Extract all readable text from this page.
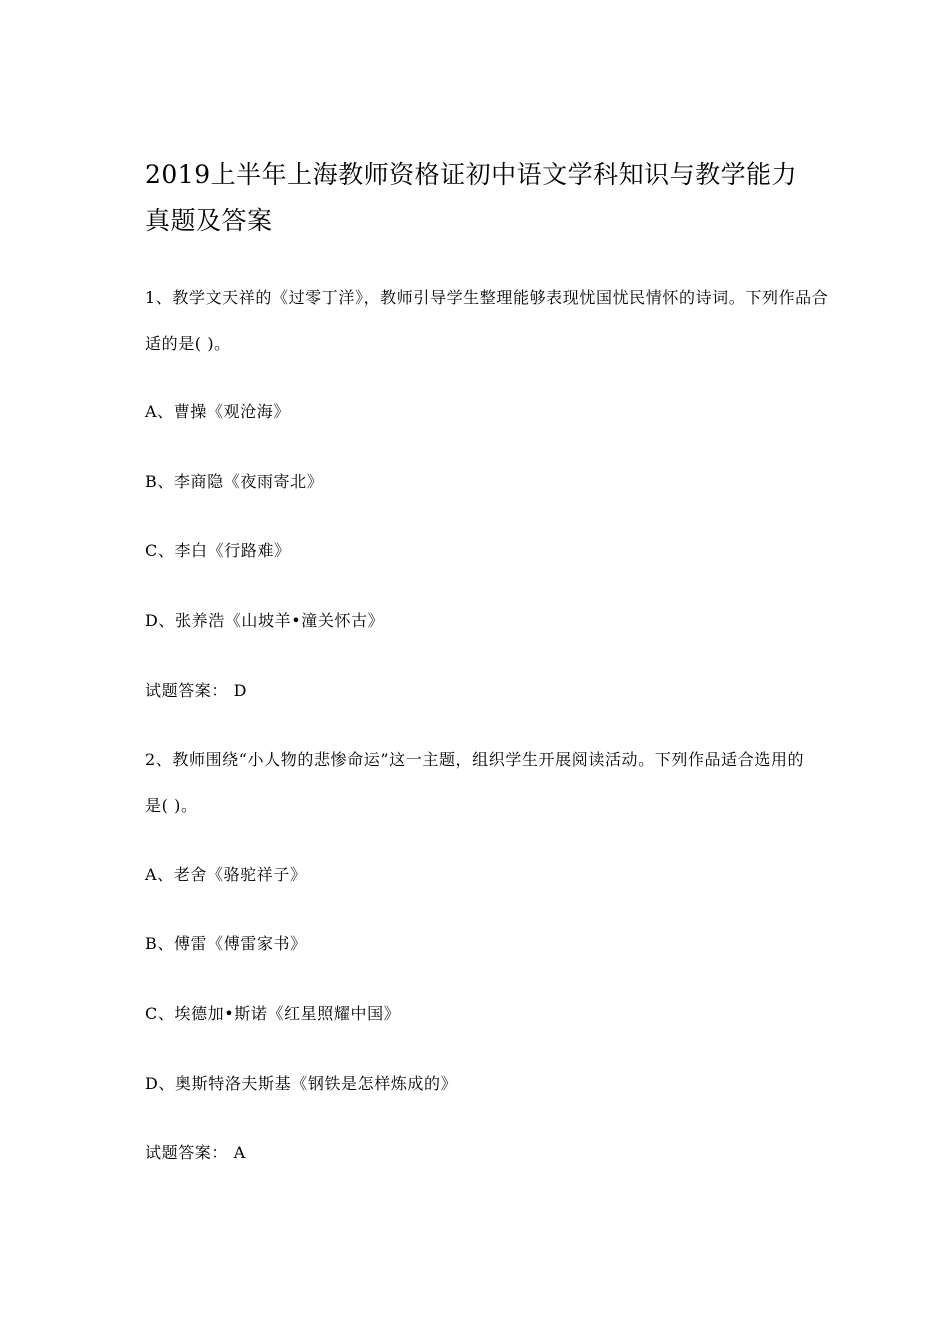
2019上半年上海教师资格证初中语文学科知识与教学能力
真题及答案
1、教学文天祥的《过零丁洋》，教师引导学生整理能够表现忧国忧民情怀的诗词。下列作品合
适的是( )。
A、曹操《观沧海》
B、李商隐《夜雨寄北》
C、李白《行路难》
D、张养浩《山坡羊•潼关怀古》
试题答案： D
2、教师围绕“小人物的悲惨命运”这一主题，组织学生开展阅读活动。下列作品适合选用的
是( )。
A、老舍《骆驼祥子》
B、傅雷《傅雷家书》
C、埃德加•斯诺《红星照耀中国》
D、奥斯特洛夫斯基《钢铁是怎样炼成的》
试题答案： A
